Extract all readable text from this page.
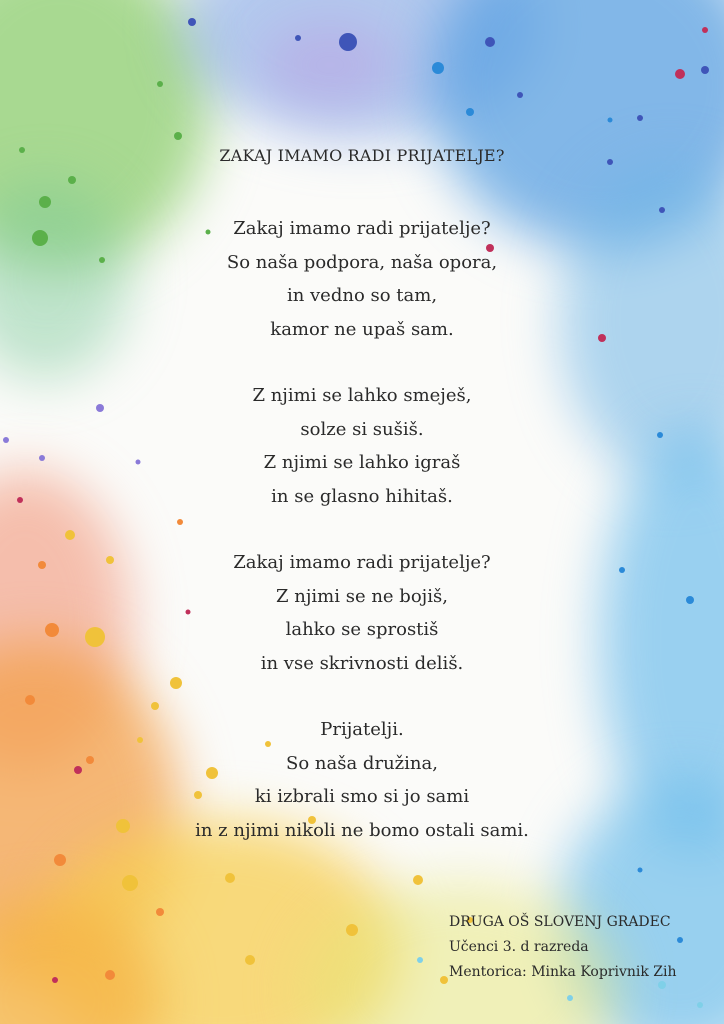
ZAKAJ IMAMO RADI PRIJATELJE?
Zakaj imamo radi prijatelje?
So naša podpora, naša opora,
in vedno so tam,
kamor ne upaš sam.
Z njimi se lahko smeješ,
solze si sušiš.
Z njimi se lahko igraš
in se glasno hihitaš.
Zakaj imamo radi prijatelje?
Z njimi se ne bojiš,
lahko se sprostiš
in vse skrivnosti deliš.
Prijatelji.
So naša družina,
ki izbrali smo si jo sami
in z njimi nikoli ne bomo ostali sami.
DRUGA OŠ SLOVENJ GRADEC
Učenci 3. d razreda
Mentorica: Minka Koprivnik Zih
